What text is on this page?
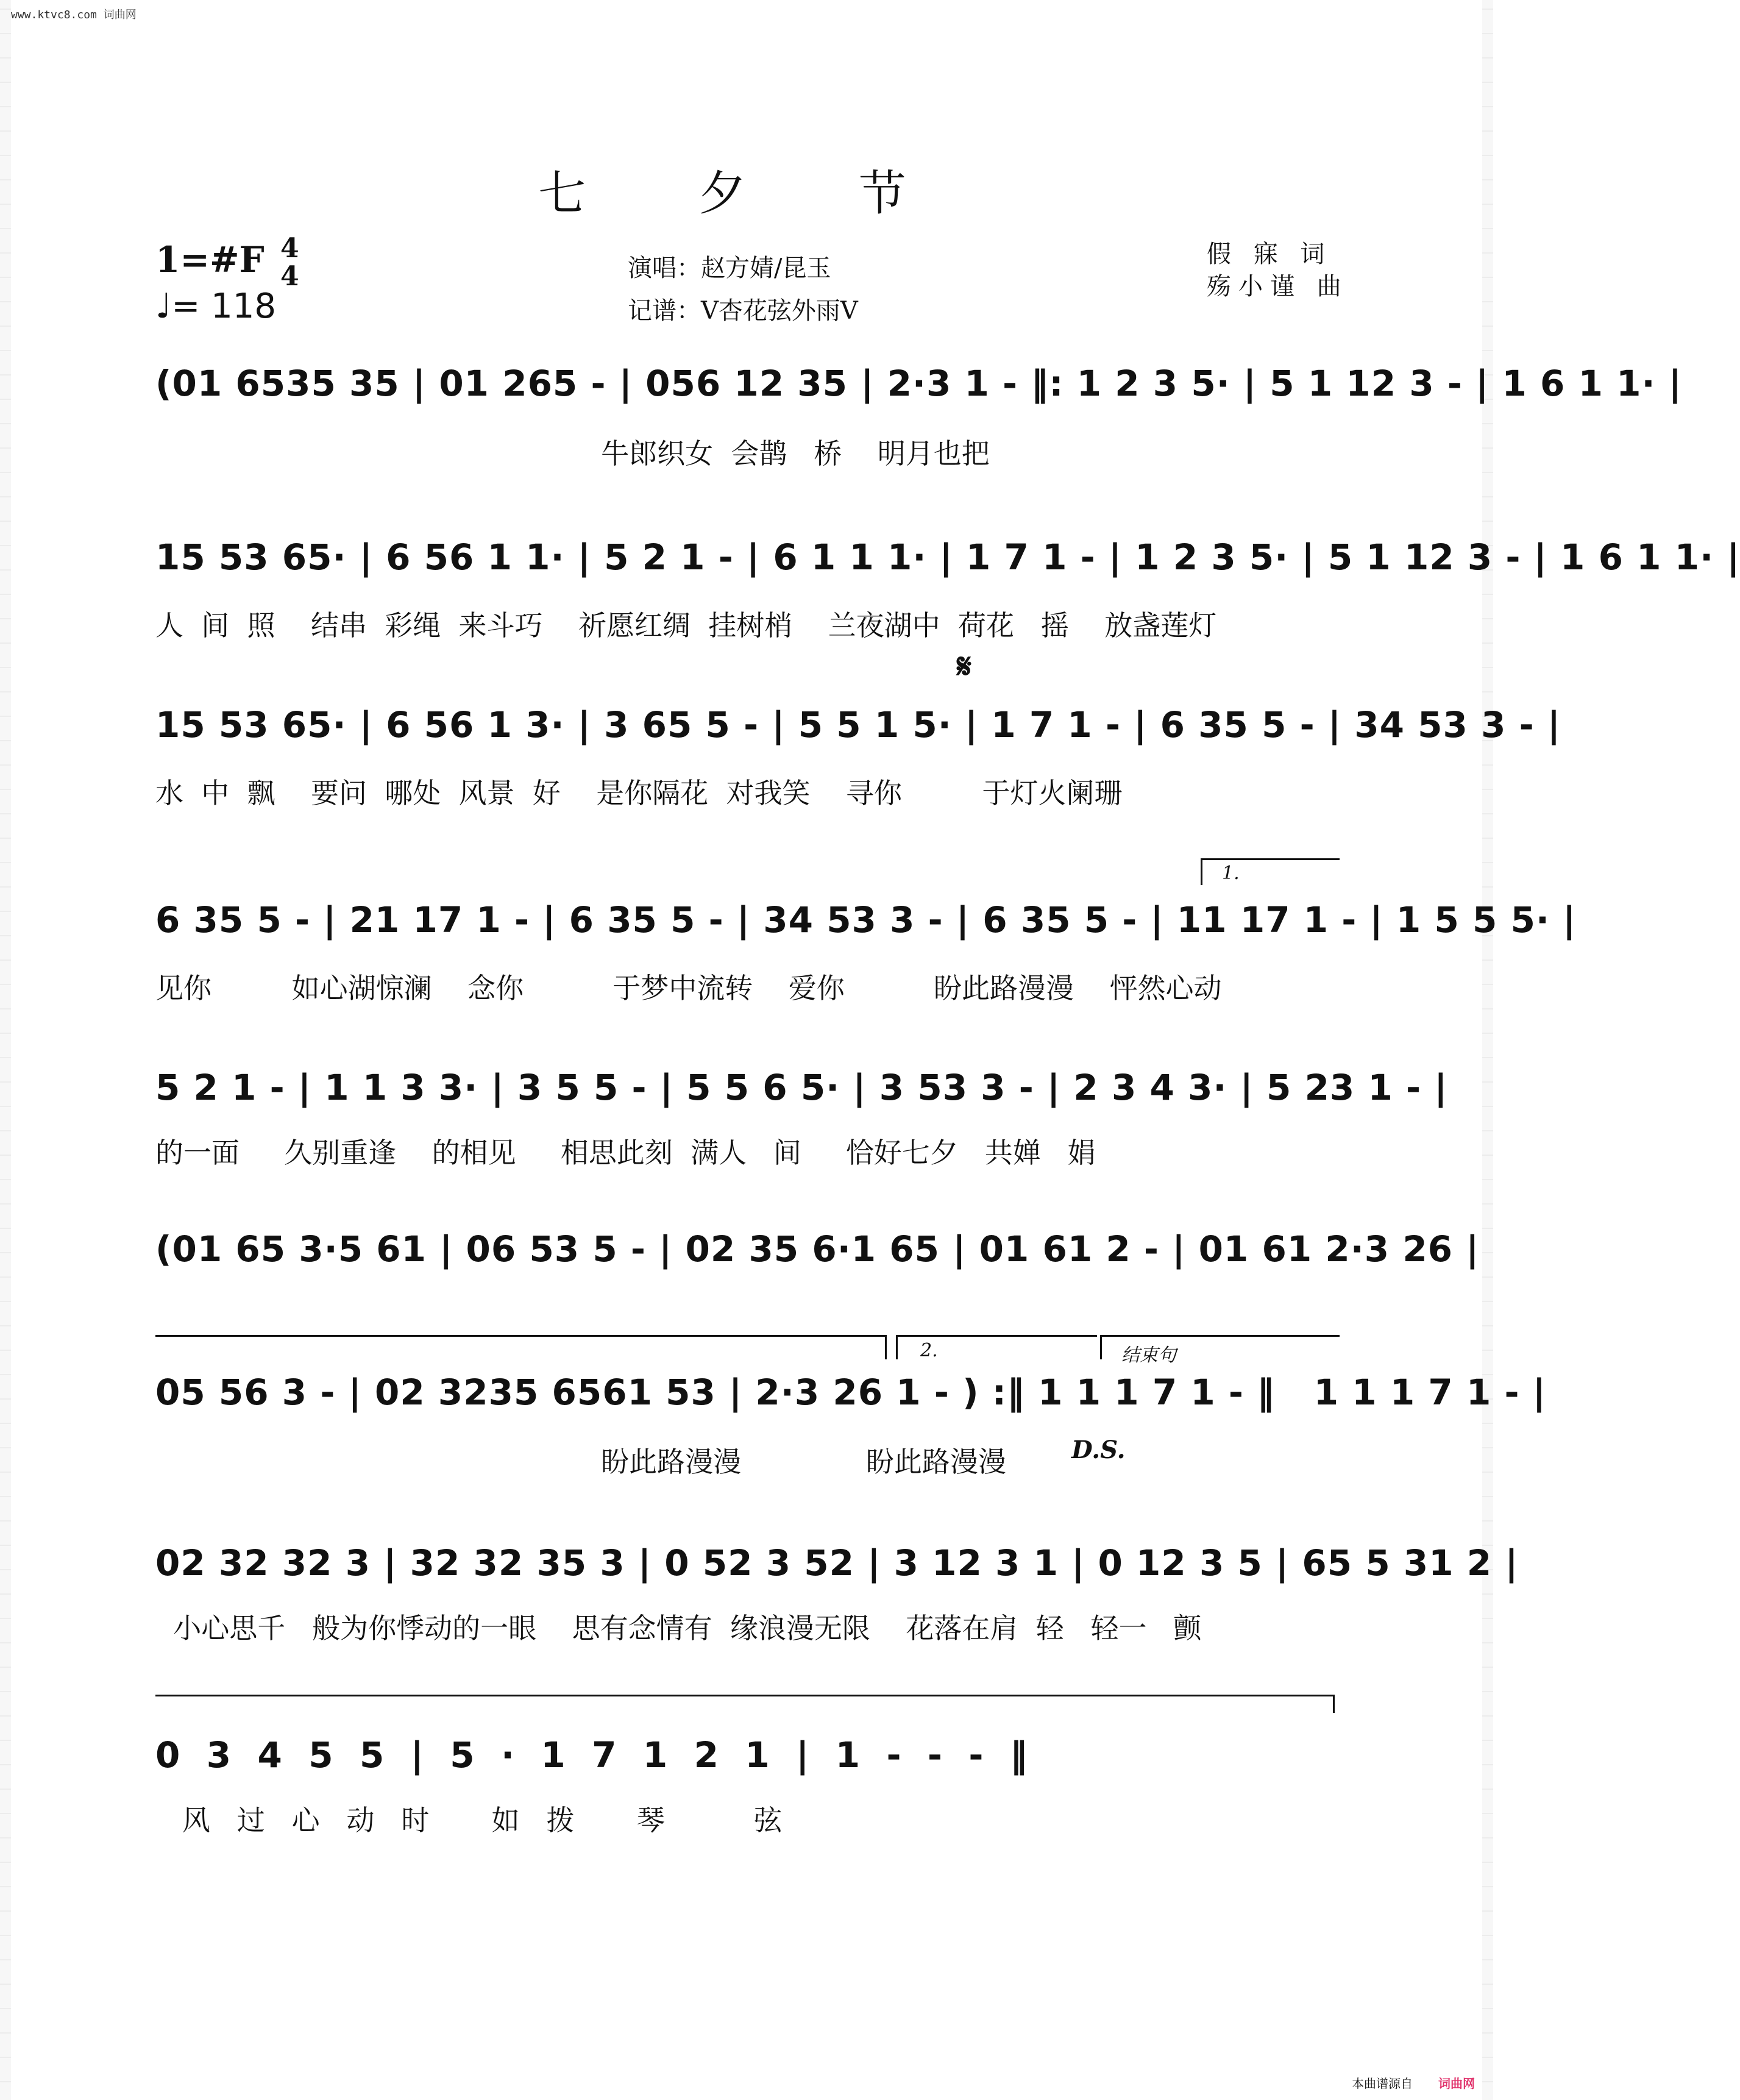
www.ktvc8.com 词曲网
七 夕 节
1=#F 4
4
♩= 118
演唱：赵方婧/昆玉
记谱：V杏花弦外雨V
假 寐 词
殇小谨 曲
(01 6535 35 | 01 265 - | 056 12 35 | 2·3 1 - ‖: 1 2 3 5· | 5 1 12 3 - | 1 6 1 1· |
牛郎织女  会鹊   桥    明月也把
15 53 65· | 6 56 1 1· | 5 2 1 - | 6 1 1 1· | 1 7 1 - | 1 2 3 5· | 5 1 12 3 - | 1 6 1 1· |
人  间  照    结串  彩绳  来斗巧    祈愿红绸  挂树梢    兰夜湖中  荷花   摇    放盏莲灯
𝄋
15 53 65· | 6 56 1 3· | 3 65 5 - | 5 5 1 5· | 1 7 1 - | 6 35 5 - | 34 53 3 - |
水  中  飘    要问  哪处  风景  好    是你隔花  对我笑    寻你         于灯火阑珊
1.
6 35 5 - | 21 17 1 - | 6 35 5 - | 34 53 3 - | 6 35 5 - | 11 17 1 - | 1 5 5 5· |
见你         如心湖惊澜    念你          于梦中流转    爱你          盼此路漫漫    怦然心动
5 2 1 - | 1 1 3 3· | 3 5 5 - | 5 5 6 5· | 3 53 3 - | 2 3 4 3· | 5 23 1 - |
的一面     久别重逢    的相见     相思此刻  满人   间     恰好七夕   共婵   娟
(01 65 3·5 61 | 06 53 5 - | 02 35 6·1 65 | 01 61 2 - | 01 61 2·3 26 |
2.	结束句
05 56 3 - | 02 3235 6561 53 | 2·3 26 1 - ) :‖ 1 1 1 7 1 - ‖   1 1 1 7 1 - |
盼此路漫漫              盼此路漫漫	D.S.
02 32 32 3 | 32 32 35 3 | 0 52 3 52 | 3 12 3 1 | 0 12 3 5 | 65 5 31 2 |
小心思千   般为你悸动的一眼    思有念情有  缘浪漫无限    花落在肩  轻   轻一   颤
0  3  4  5  5  |  5  ·  1  7  1  2  1  |  1  -  -  -  ‖
风   过   心   动   时       如   拨       琴          弦
本曲谱源自 词曲网
